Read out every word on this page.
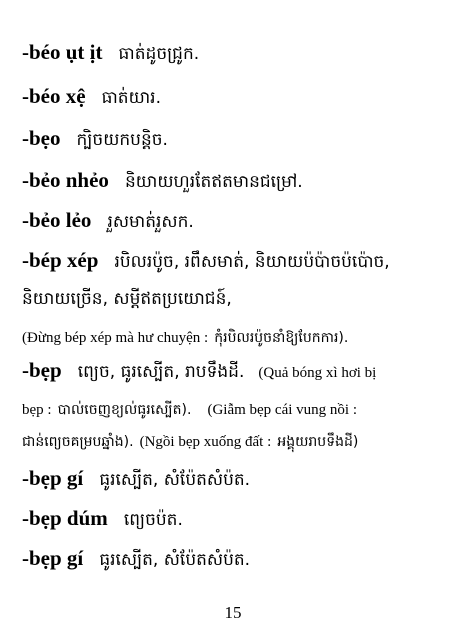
-béo ụt ịt ធាត់ដូចជ្រូក.
-béo xệ ធាត់យារ.
-bẹo ក្បិចយកបន្តិច.
-bẻo nhẻo និយាយហួរតែឥតមានជម្រៅ.
-bẻo lẻo រួសមាត់រួសក.
-bép xép របិលរប៉ូច, រពឹសមាត់, និយាយប៉ប៉ាចប៉ប៉ោច,
និយាយច្រើន, សម្ដីឥតប្រយោជន៍,
(Đừng bép xép mà hư chuyện : កុំរបិលរប៉ូចនាំឱ្យបែកការ).
-bẹp ព្យេច, ធូរស្បើត, រាបទឹងដី. (Quả bóng xì hơi bị
bẹp : បាល់ចេញខ្យល់ធូរស្បើត). (Giẫm bẹp cái vung nồi :
ជាន់ព្យេចគម្របឆ្នាំង). (Ngồi bẹp xuống đất : អង្គុយរាបទឹងដី)
-bẹp gí ធូរស្បើត, សំប៉ែតសំប៉ត.
-bẹp dúm ព្យេចប៉ត.
-bẹp gí ធូរស្បើត, សំប៉ែតសំប៉ត.
15
